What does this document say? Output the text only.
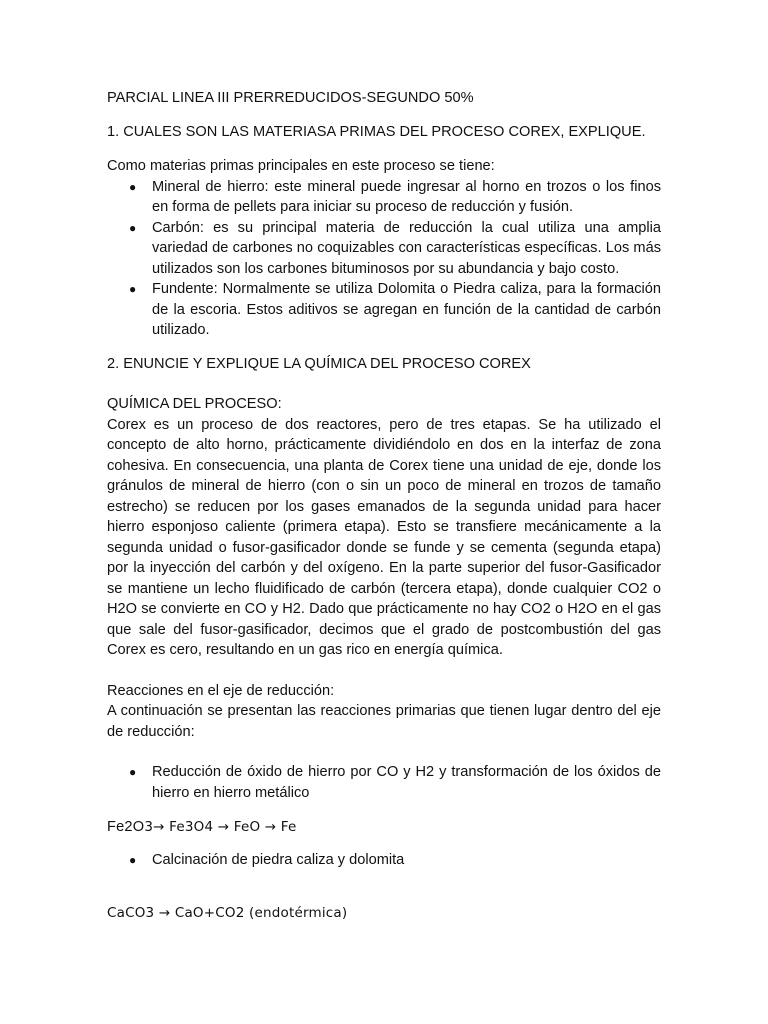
PARCIAL LINEA III PRERREDUCIDOS-SEGUNDO 50%

1. CUALES SON LAS MATERIASA PRIMAS DEL PROCESO COREX, EXPLIQUE.

Como materias primas principales en este proceso se tiene:

● Mineral de hierro: este mineral puede ingresar al horno en trozos o los finos en forma de pellets para iniciar su proceso de reducción y fusión.
● Carbón: es su principal materia de reducción la cual utiliza una amplia variedad de carbones no coquizables con características específicas. Los más utilizados son los carbones bituminosos por su abundancia y bajo costo.
● Fundente: Normalmente se utiliza Dolomita o Piedra caliza, para la formación de la escoria. Estos aditivos se agregan en función de la cantidad de carbón utilizado.

2. ENUNCIE Y EXPLIQUE LA QUÍMICA DEL PROCESO COREX

QUÍMICA DEL PROCESO:

Corex es un proceso de dos reactores, pero de tres etapas. Se ha utilizado el concepto de alto horno, prácticamente dividiéndolo en dos en la interfaz de zona cohesiva. En consecuencia, una planta de Corex tiene una unidad de eje, donde los gránulos de mineral de hierro (con o sin un poco de mineral en trozos de tamaño estrecho) se reducen por los gases emanados de la segunda unidad para hacer hierro esponjoso caliente (primera etapa). Esto se transfiere mecánicamente a la segunda unidad o fusor-gasificador donde se funde y se cementa (segunda etapa) por la inyección del carbón y del oxígeno. En la parte superior del fusor-Gasificador se mantiene un lecho fluidificado de carbón (tercera etapa), donde cualquier CO2 o H2O se convierte en CO y H2. Dado que prácticamente no hay CO2 o H2O en el gas que sale del fusor-gasificador, decimos que el grado de postcombustión del gas Corex es cero, resultando en un gas rico en energía química.

Reacciones en el eje de reducción:

A continuación se presentan las reacciones primarias que tienen lugar dentro del eje de reducción:

● Reducción de óxido de hierro por CO y H2 y transformación de los óxidos de hierro en hierro metálico

Fe2O3→ Fe3O4 → FeO → Fe

● Calcinación de piedra caliza y dolomita

CaCO3 → CaO+CO2 (endotérmica)
